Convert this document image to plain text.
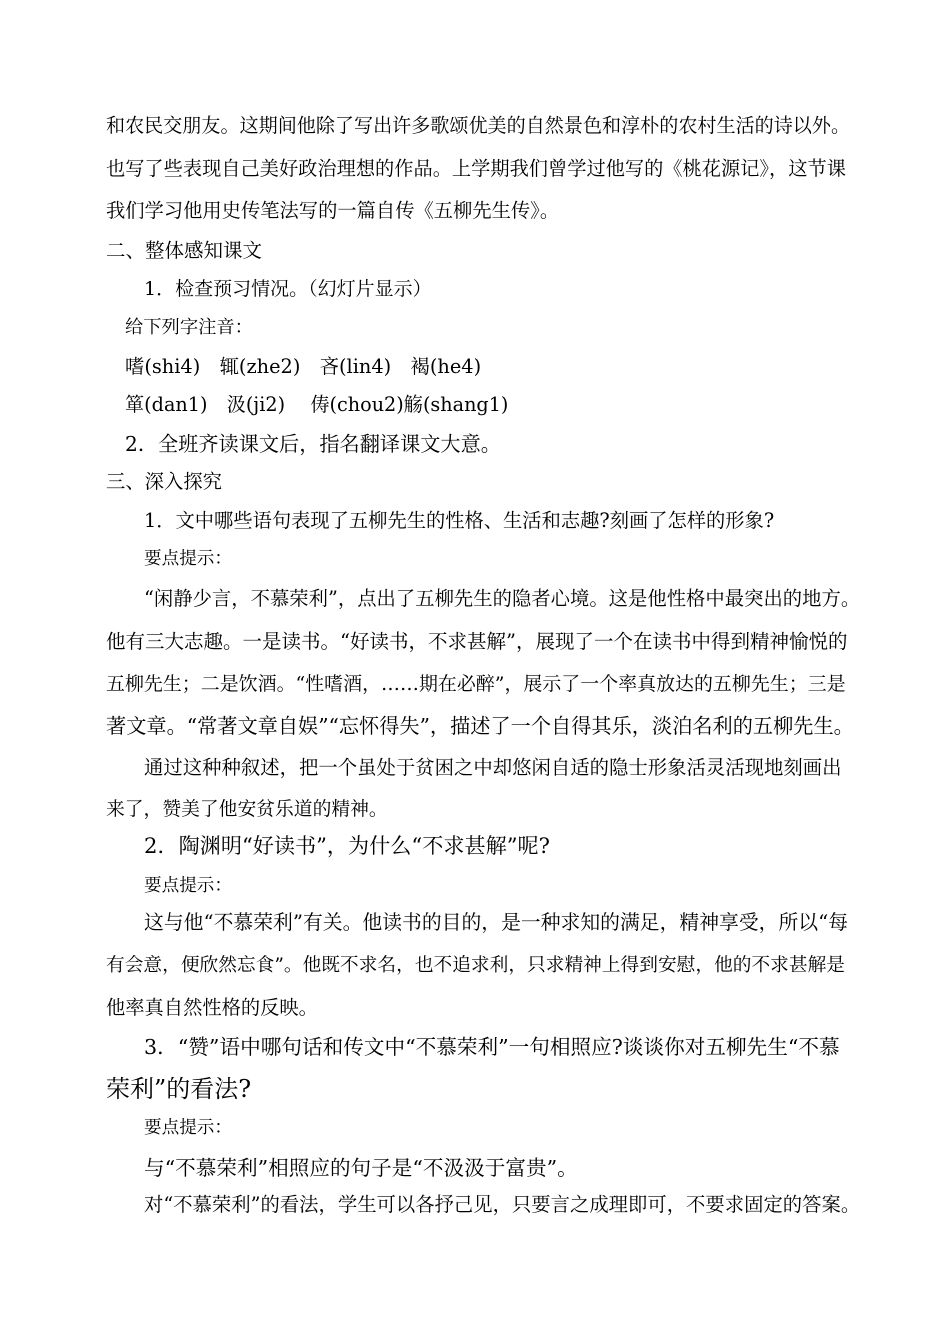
和农民交朋友。这期间他除了写出许多歌颂优美的自然景色和淳朴的农村生活的诗以外。
也写了些表现自己美好政治理想的作品。上学期我们曾学过他写的《桃花源记》，这节课
我们学习他用史传笔法写的一篇自传《五柳先生传》。
二、整体感知课文
1．检查预习情况。（幻灯片显示）
给下列字注音：
嗜(shi4)　辄(zhe2)　吝(lin4)　褐(he4)
箪(dan1)　汲(ji2)　 俦(chou2)觞(shang1)
2．全班齐读课文后，指名翻译课文大意。
三、深入探究
1．文中哪些语句表现了五柳先生的性格、生活和志趣?刻画了怎样的形象?
要点提示：
“闲静少言，不慕荣利”，点出了五柳先生的隐者心境。这是他性格中最突出的地方。
他有三大志趣。一是读书。“好读书，不求甚解”，展现了一个在读书中得到精神愉悦的
五柳先生；二是饮酒。“性嗜酒，……期在必醉”，展示了一个率真放达的五柳先生；三是
著文章。“常著文章自娱”“忘怀得失”，描述了一个自得其乐，淡泊名利的五柳先生。
通过这种种叙述，把一个虽处于贫困之中却悠闲自适的隐士形象活灵活现地刻画出
来了，赞美了他安贫乐道的精神。
2．陶渊明“好读书”，为什么“不求甚解”呢?
要点提示：
这与他“不慕荣利”有关。他读书的目的，是一种求知的满足，精神享受，所以“每
有会意，便欣然忘食”。他既不求名，也不追求利，只求精神上得到安慰，他的不求甚解是
他率真自然性格的反映。
3．“赞”语中哪句话和传文中“不慕荣利”一句相照应?谈谈你对五柳先生“不慕
荣利”的看法?
要点提示：
与“不慕荣利”相照应的句子是“不汲汲于富贵”。
对“不慕荣利”的看法，学生可以各抒己见，只要言之成理即可，不要求固定的答案。
